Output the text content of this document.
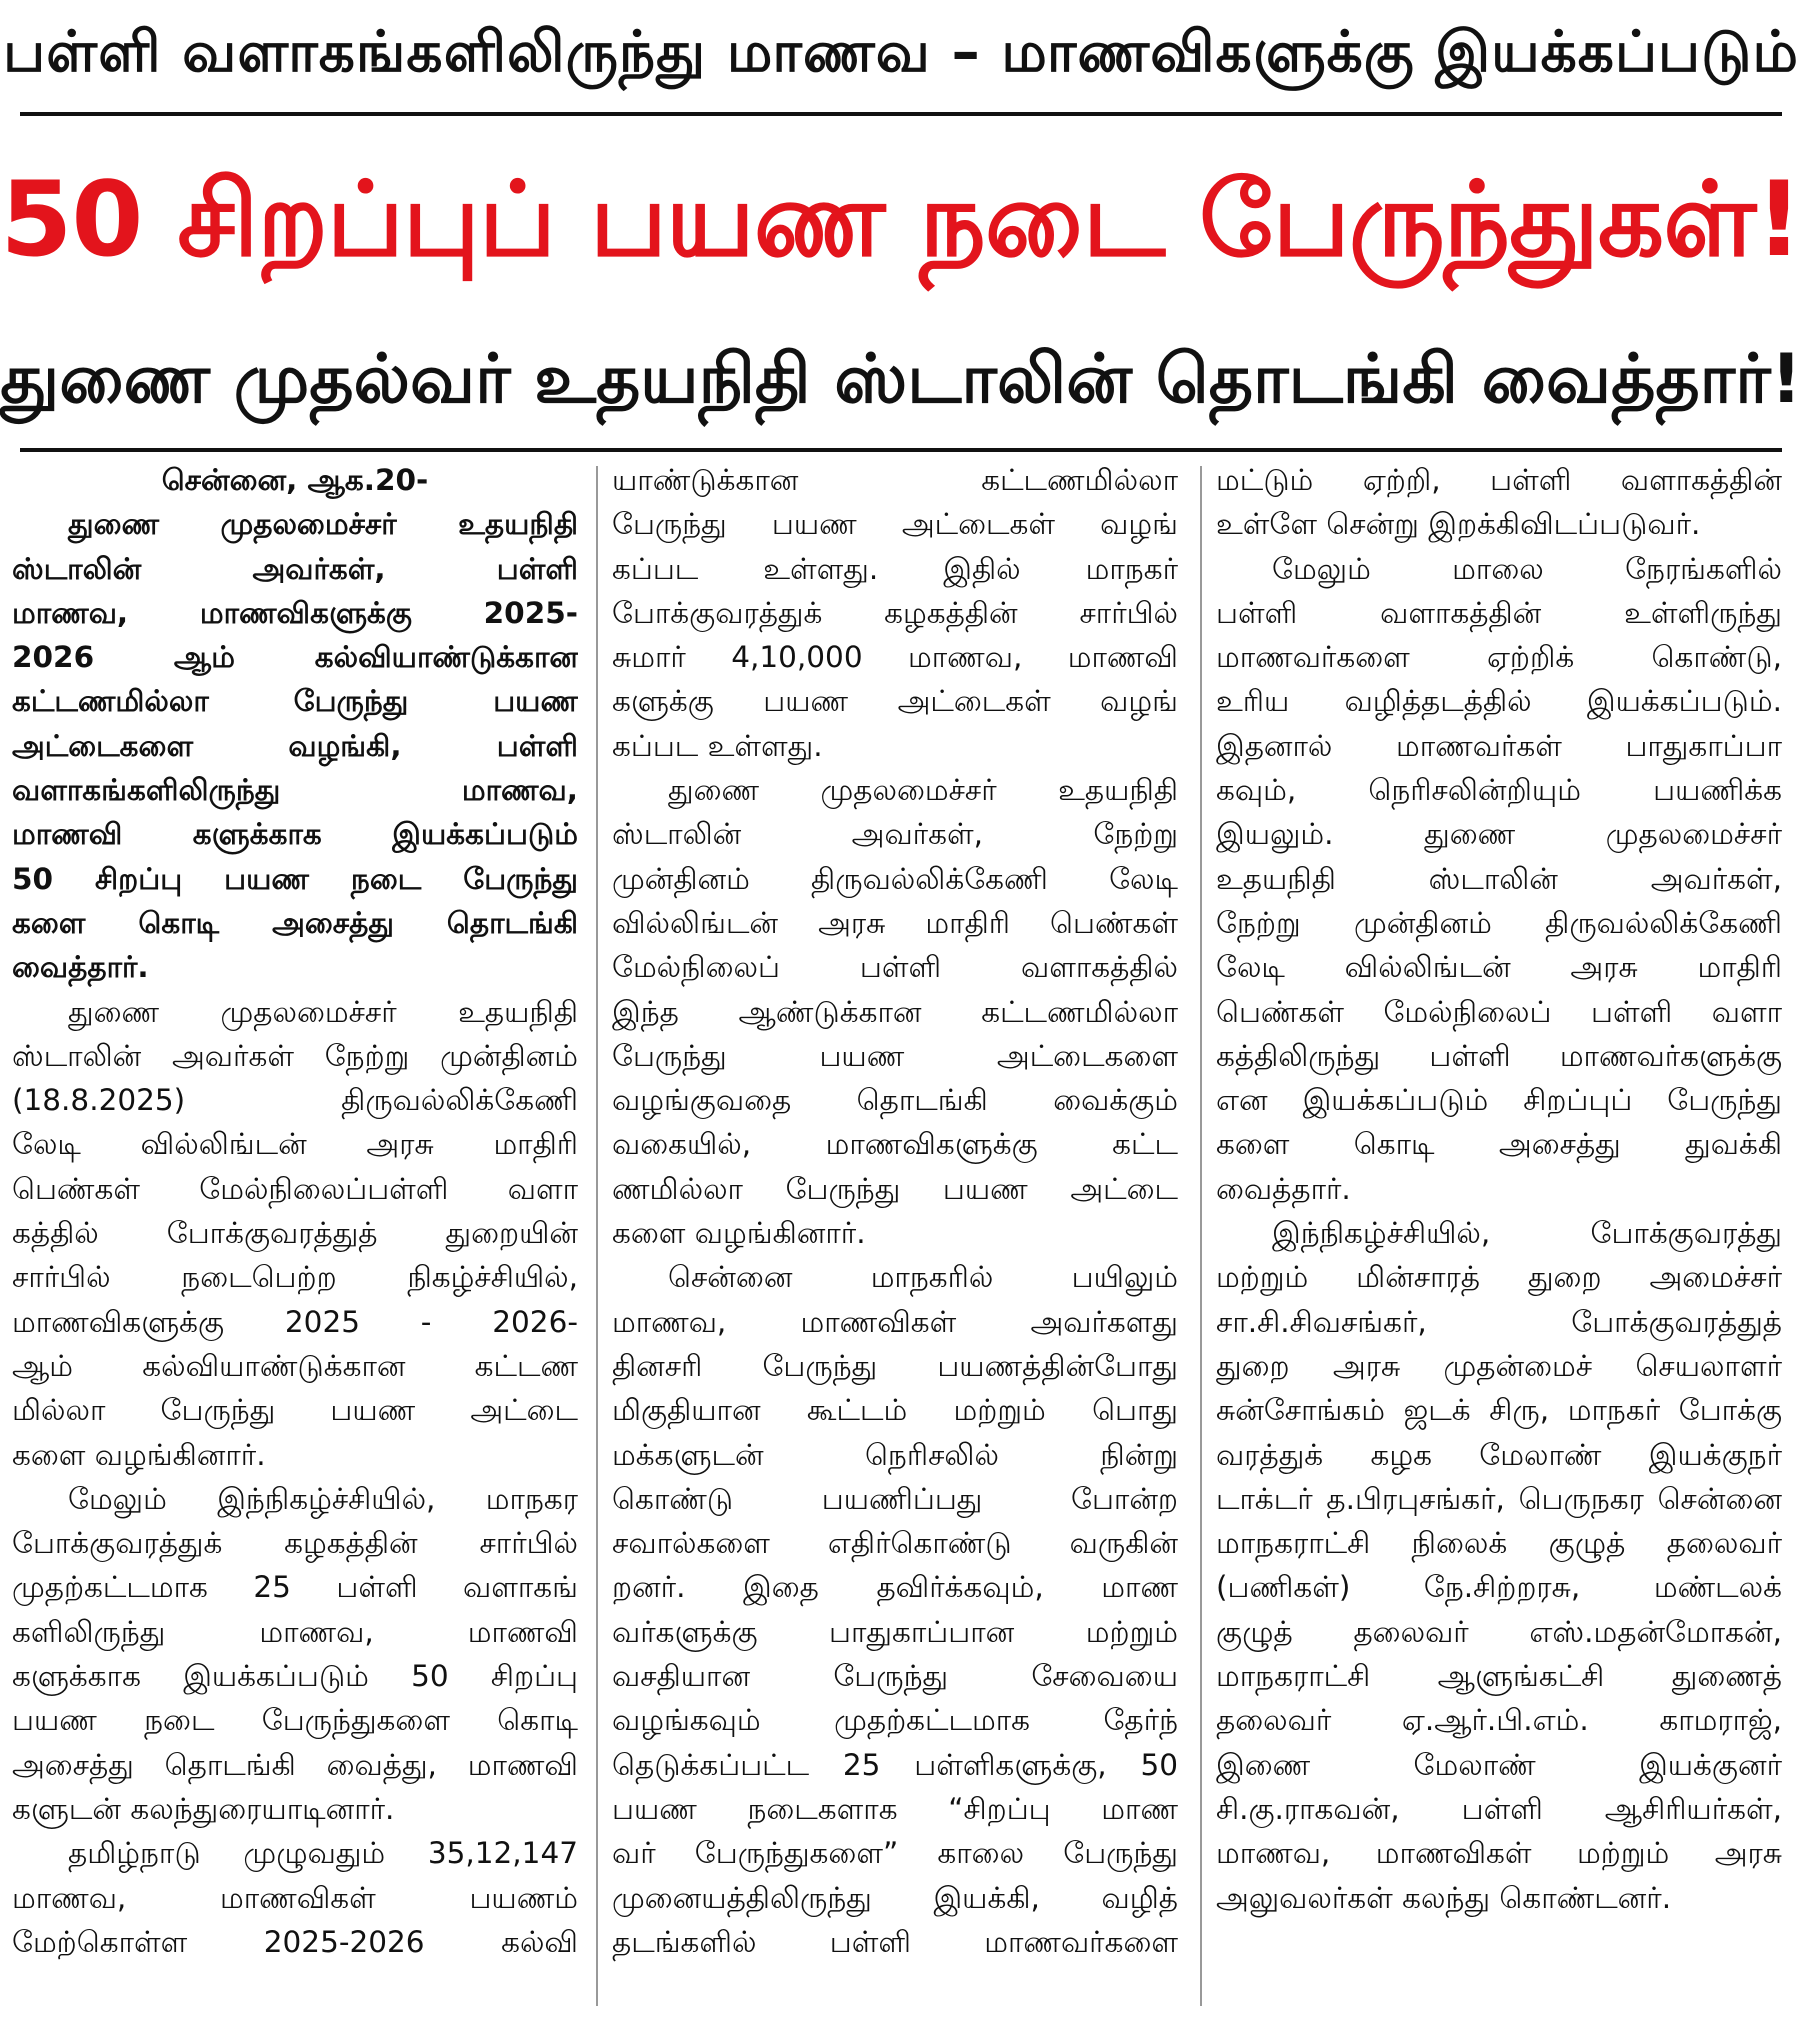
பள்ளி வளாகங்களிலிருந்து மாணவ – மாணவிகளுக்கு இயக்கப்படும்
50 சிறப்புப் பயண நடை பேருந்துகள்!
துணை முதல்வர் உதயநிதி ஸ்டாலின் தொடங்கி வைத்தார்!
சென்னை, ஆக.20-
துணை முதலமைச்சர் உதயநிதி
ஸ்டாலின் அவர்கள், பள்ளி
மாணவ, மாணவிகளுக்கு 2025-
2026 ஆம் கல்வியாண்டுக்கான
கட்டணமில்லா பேருந்து பயண
அட்டைகளை வழங்கி, பள்ளி
வளாகங்களிலிருந்து மாணவ,
மாணவி களுக்காக இயக்கப்படும்
50 சிறப்பு பயண நடை பேருந்து
களை கொடி அசைத்து தொடங்கி
வைத்தார்.
துணை முதலமைச்சர் உதயநிதி
ஸ்டாலின் அவர்கள் நேற்று முன்தினம்
(18.8.2025) திருவல்லிக்கேணி
லேடி வில்லிங்டன் அரசு மாதிரி
பெண்கள் மேல்நிலைப்பள்ளி வளா
கத்தில் போக்குவரத்துத் துறையின்
சார்பில் நடைபெற்ற நிகழ்ச்சியில்,
மாணவிகளுக்கு 2025 - 2026-
ஆம் கல்வியாண்டுக்கான கட்டண
மில்லா பேருந்து பயண அட்டை
களை வழங்கினார்.
மேலும் இந்நிகழ்ச்சியில், மாநகர
போக்குவரத்துக் கழகத்தின் சார்பில்
முதற்கட்டமாக 25 பள்ளி வளாகங்
களிலிருந்து மாணவ, மாணவி
களுக்காக இயக்கப்படும் 50 சிறப்பு
பயண நடை பேருந்துகளை கொடி
அசைத்து தொடங்கி வைத்து, மாணவி
களுடன் கலந்துரையாடினார்.
தமிழ்நாடு முழுவதும் 35,12,147
மாணவ, மாணவிகள் பயணம்
மேற்கொள்ள 2025-2026 கல்வி
யாண்டுக்கான கட்டணமில்லா
பேருந்து பயண அட்டைகள் வழங்
கப்பட உள்ளது. இதில் மாநகர்
போக்குவரத்துக் கழகத்தின் சார்பில்
சுமார் 4,10,000 மாணவ, மாணவி
களுக்கு பயண அட்டைகள் வழங்
கப்பட உள்ளது.
துணை முதலமைச்சர் உதயநிதி
ஸ்டாலின் அவர்கள், நேற்று
முன்தினம் திருவல்லிக்கேணி லேடி
வில்லிங்டன் அரசு மாதிரி பெண்கள்
மேல்நிலைப் பள்ளி வளாகத்தில்
இந்த ஆண்டுக்கான கட்டணமில்லா
பேருந்து பயண அட்டைகளை
வழங்குவதை தொடங்கி வைக்கும்
வகையில், மாணவிகளுக்கு கட்ட
ணமில்லா பேருந்து பயண அட்டை
களை வழங்கினார்.
சென்னை மாநகரில் பயிலும்
மாணவ, மாணவிகள் அவர்களது
தினசரி பேருந்து பயணத்தின்போது
மிகுதியான கூட்டம் மற்றும் பொது
மக்களுடன் நெரிசலில் நின்று
கொண்டு பயணிப்பது போன்ற
சவால்களை எதிர்கொண்டு வருகின்
றனர். இதை தவிர்க்கவும், மாண
வர்களுக்கு பாதுகாப்பான மற்றும்
வசதியான பேருந்து சேவையை
வழங்கவும் முதற்கட்டமாக தேர்ந்
தெடுக்கப்பட்ட 25 பள்ளிகளுக்கு, 50
பயண நடைகளாக “சிறப்பு மாண
வர் பேருந்துகளை” காலை பேருந்து
முனையத்திலிருந்து இயக்கி, வழித்
தடங்களில் பள்ளி மாணவர்களை
மட்டும் ஏற்றி, பள்ளி வளாகத்தின்
உள்ளே சென்று இறக்கிவிடப்படுவர்.
மேலும் மாலை நேரங்களில்
பள்ளி வளாகத்தின் உள்ளிருந்து
மாணவர்களை ஏற்றிக் கொண்டு,
உரிய வழித்தடத்தில் இயக்கப்படும்.
இதனால் மாணவர்கள் பாதுகாப்பா
கவும், நெரிசலின்றியும் பயணிக்க
இயலும். துணை முதலமைச்சர்
உதயநிதி ஸ்டாலின் அவர்கள்,
நேற்று முன்தினம் திருவல்லிக்கேணி
லேடி வில்லிங்டன் அரசு மாதிரி
பெண்கள் மேல்நிலைப் பள்ளி வளா
கத்திலிருந்து பள்ளி மாணவர்களுக்கு
என இயக்கப்படும் சிறப்புப் பேருந்து
களை கொடி அசைத்து துவக்கி
வைத்தார்.
இந்நிகழ்ச்சியில், போக்குவரத்து
மற்றும் மின்சாரத் துறை அமைச்சர்
சா.சி.சிவசங்கர், போக்குவரத்துத்
துறை அரசு முதன்மைச் செயலாளர்
சுன்சோங்கம் ஜடக் சிரு, மாநகர் போக்கு
வரத்துக் கழக மேலாண் இயக்குநர்
டாக்டர் த.பிரபுசங்கர், பெருநகர சென்னை
மாநகராட்சி நிலைக் குழுத் தலைவர்
(பணிகள்) நே.சிற்றரசு, மண்டலக்
குழுத் தலைவர் எஸ்.மதன்மோகன்,
மாநகராட்சி ஆளுங்கட்சி துணைத்
தலைவர் ஏ.ஆர்.பி.எம். காமராஜ்,
இணை மேலாண் இயக்குனர்
சி.கு.ராகவன், பள்ளி ஆசிரியர்கள்,
மாணவ, மாணவிகள் மற்றும் அரசு
அலுவலர்கள் கலந்து கொண்டனர்.
